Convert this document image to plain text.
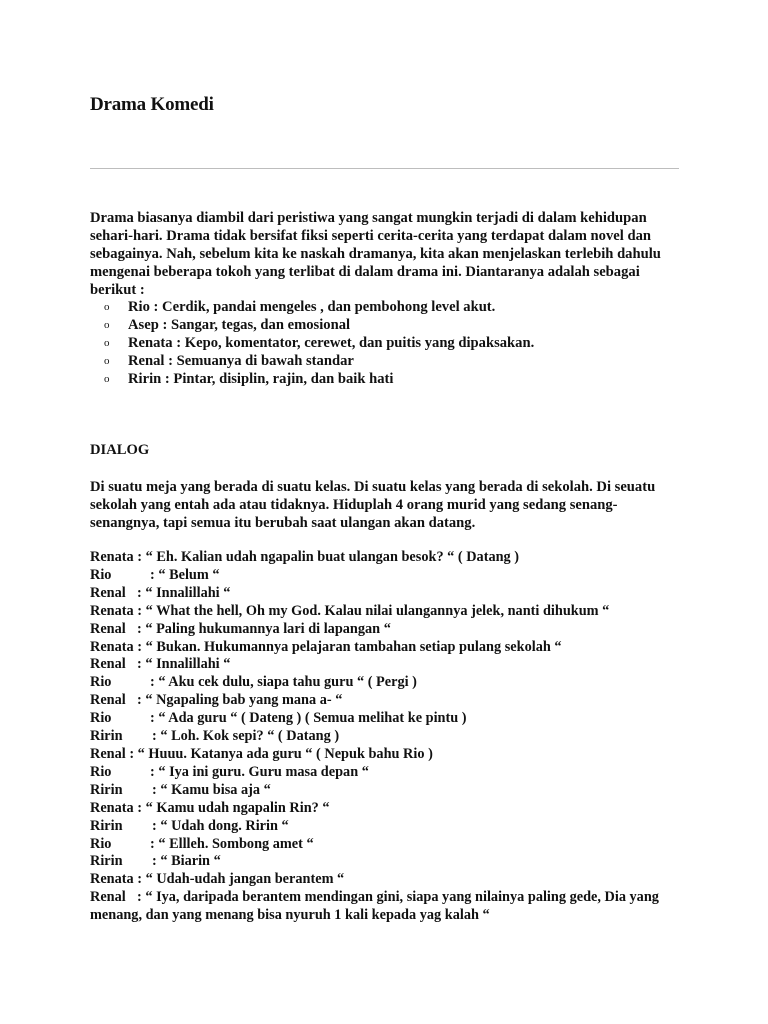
Drama Komedi

Drama biasanya diambil dari peristiwa yang sangat mungkin terjadi di dalam kehidupan sehari-hari. Drama tidak bersifat fiksi seperti cerita-cerita yang terdapat dalam novel dan sebagainya. Nah, sebelum kita ke naskah dramanya, kita akan menjelaskan terlebih dahulu mengenai beberapa tokoh yang terlibat di dalam drama ini. Diantaranya adalah sebagai berikut :

o Rio : Cerdik, pandai mengeles , dan pembohong level akut.
o Asep : Sangar, tegas, dan emosional
o Renata : Kepo, komentator, cerewet, dan puitis yang dipaksakan.
o Renal : Semuanya di bawah standar
o Ririn : Pintar, disiplin, rajin, dan baik hati
DIALOG

Di suatu meja yang berada di suatu kelas. Di suatu kelas yang berada di sekolah. Di seuatu sekolah yang entah ada atau tidaknya. Hiduplah 4 orang murid yang sedang senang-senangnya, tapi semua itu berubah saat ulangan akan datang.

Renata : “ Eh. Kalian udah ngapalin buat ulangan besok? “ ( Datang )
Rio	: “ Belum “
Renal : “ Innalillahi “
Renata : “ What the hell, Oh my God. Kalau nilai ulangannya jelek, nanti dihukum “
Renal : “ Paling hukumannya lari di lapangan “
Renata : “ Bukan. Hukumannya pelajaran tambahan setiap pulang sekolah “
Renal : “ Innalillahi “
Rio	: “ Aku cek dulu, siapa tahu guru “ ( Pergi )
Renal : “ Ngapaling bab yang mana a- “
Rio	: “ Ada guru “ ( Dateng ) ( Semua melihat ke pintu )
Ririn : “ Loh. Kok sepi? “ ( Datang )
Renal : “ Huuu. Katanya ada guru “ ( Nepuk bahu Rio )
Rio	: “ Iya ini guru. Guru masa depan “
Ririn : “ Kamu bisa aja “
Renata : “ Kamu udah ngapalin Rin? “
Ririn : “ Udah dong. Ririn “
Rio	: “ Ellleh. Sombong amet “
Ririn : “ Biarin “
Renata : “ Udah-udah jangan berantem “
Renal : “ Iya, daripada berantem mendingan gini, siapa yang nilainya paling gede, Dia yang menang, dan yang menang bisa nyuruh 1 kali kepada yag kalah “
